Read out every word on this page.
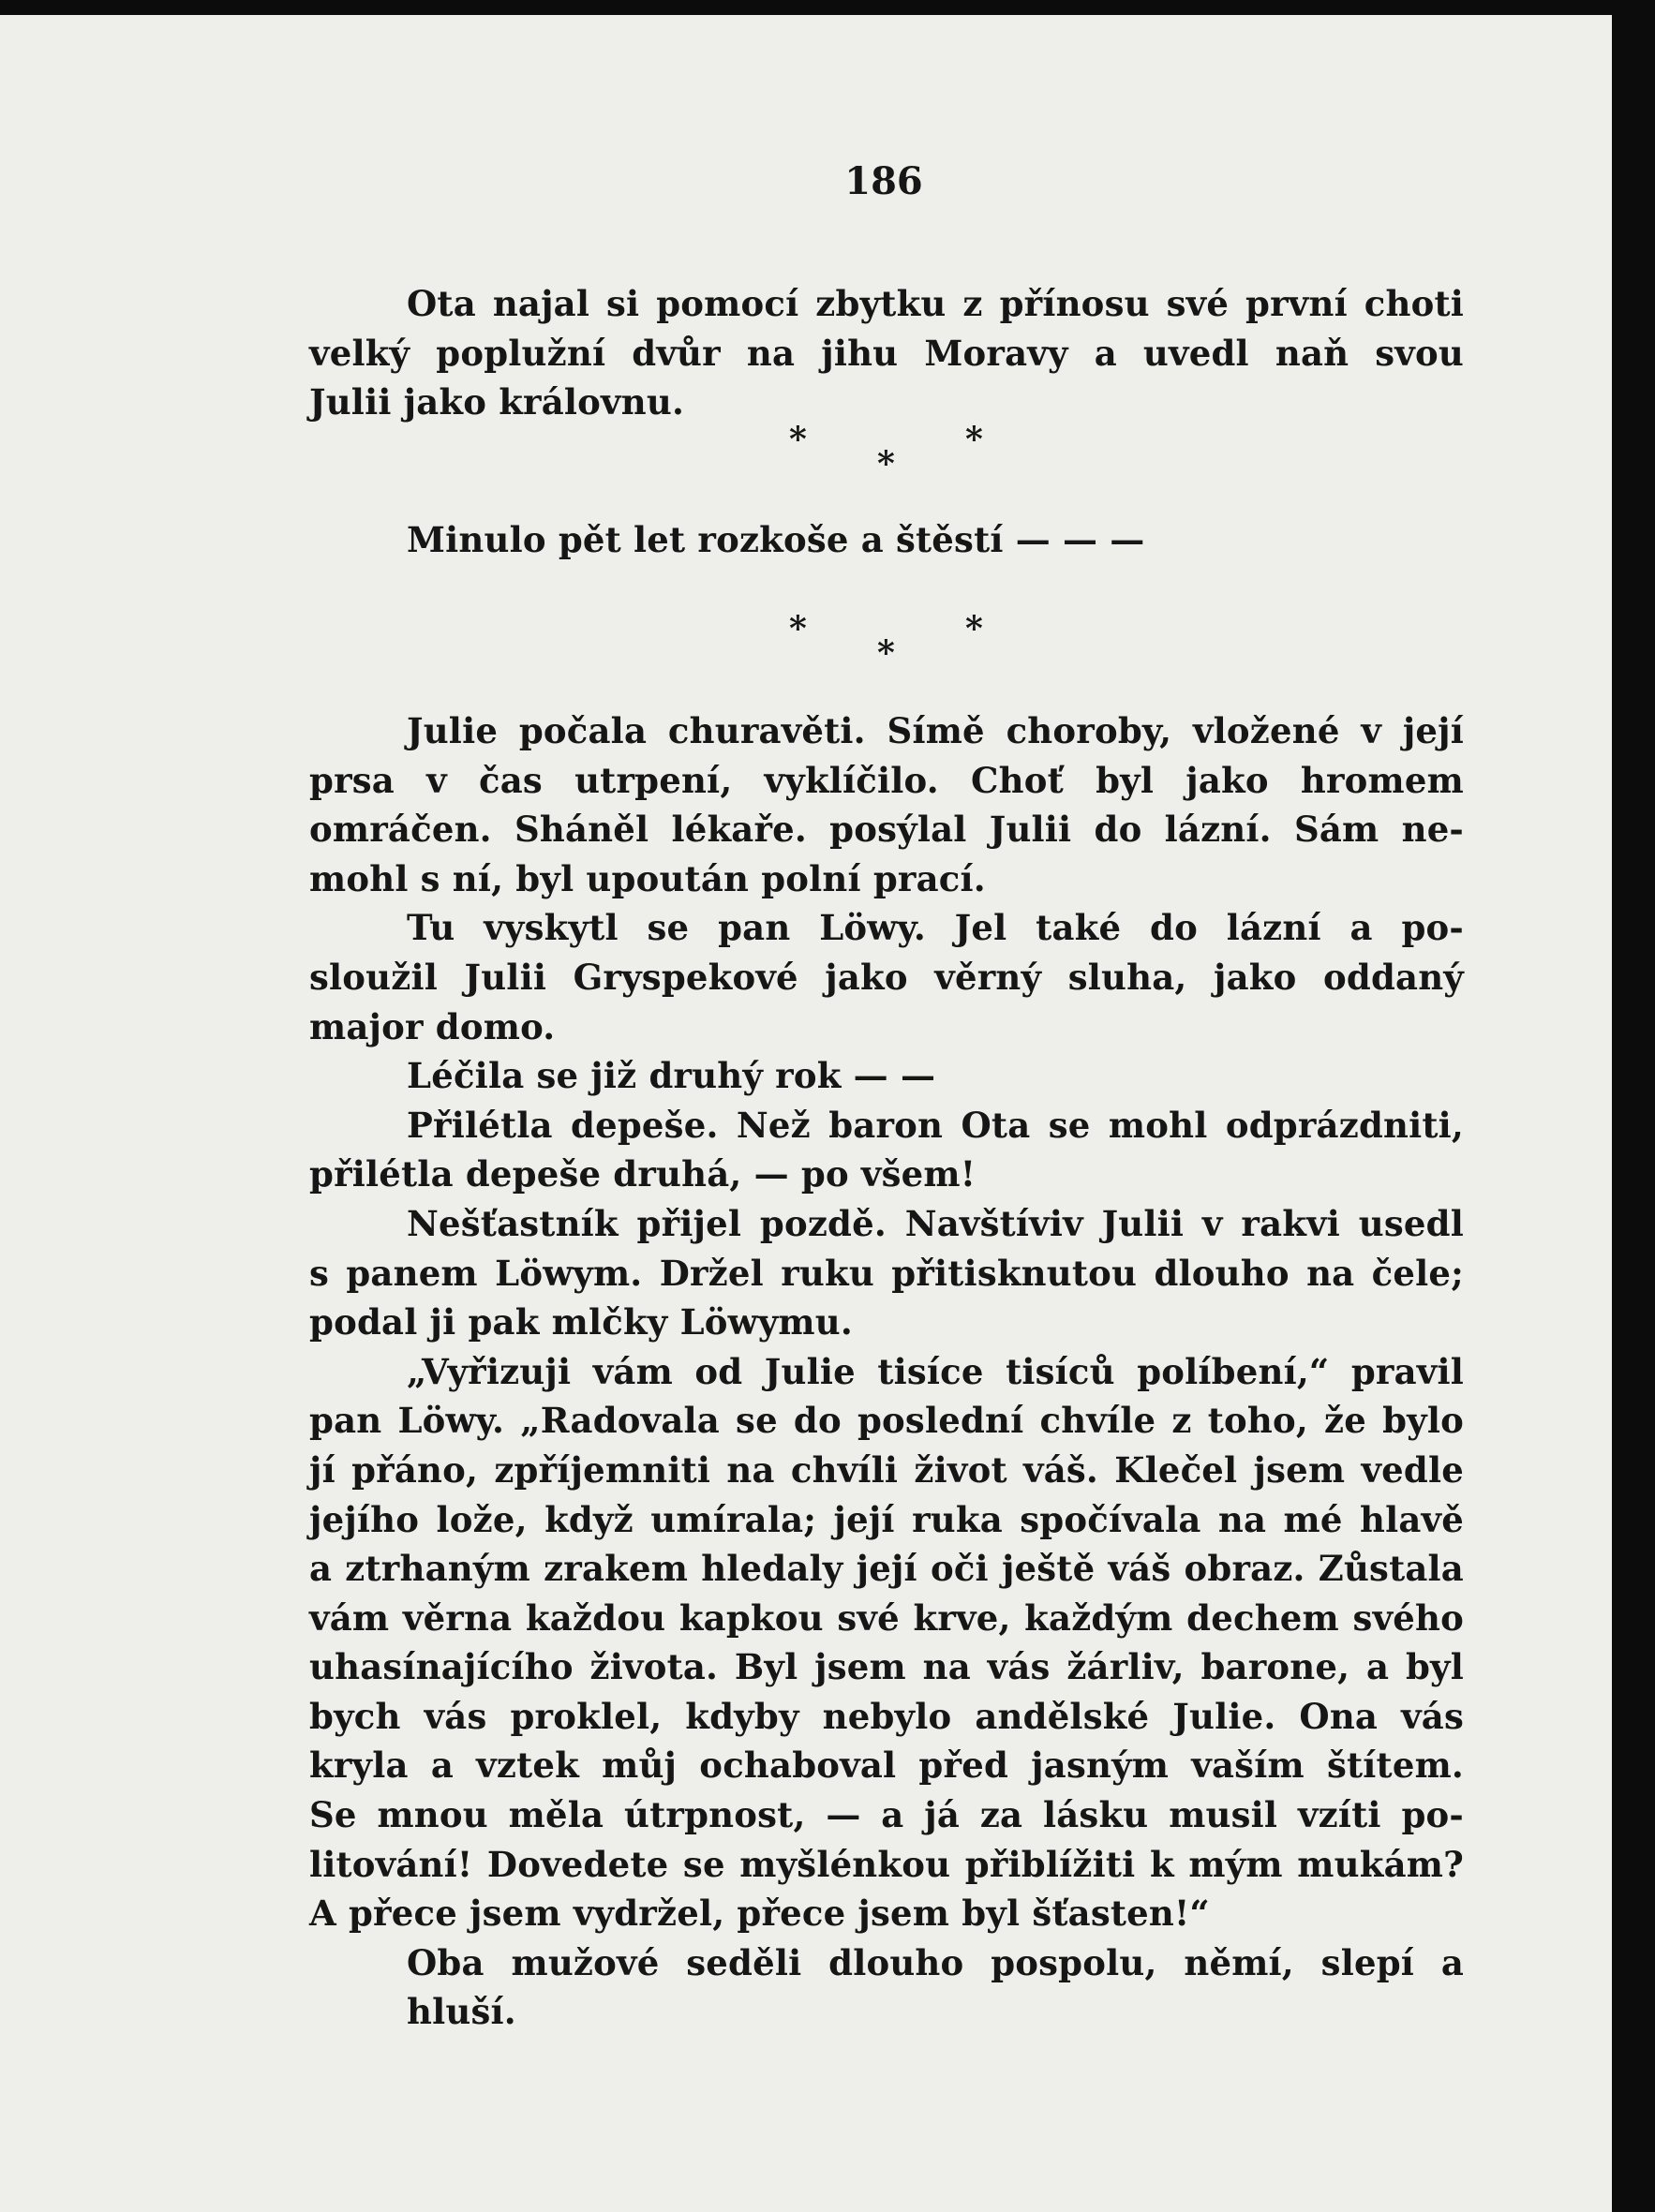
186

Ota najal si pomocí zbytku z přínosu své první choti
velký poplužní dvůr na jihu Moravy a uvedl naň svou
Julii jako královnu.

*
*
*

Minulo pět let rozkoše a štěstí — — —

*
*
*
Julie počala churavěti. Símě choroby, vložené v její
prsa v čas utrpení, vyklíčilo. Choť byl jako hromem
omráčen. Sháněl lékaře. posýlal Julii do lázní. Sám ne-
mohl s ní, byl upoután polní prací.
Tu vyskytl se pan Löwy. Jel také do lázní a po-
sloužil Julii Gryspekové jako věrný sluha, jako oddaný
major domo.
Léčila se již druhý rok — —
Přilétla depeše. Než baron Ota se mohl odprázdniti,
přilétla depeše druhá, — po všem!
Nešťastník přijel pozdě. Navštíviv Julii v rakvi usedl
s panem Löwym. Držel ruku přitisknutou dlouho na čele;
podal ji pak mlčky Löwymu.
„Vyřizuji vám od Julie tisíce tisíců políbení,“ pravil
pan Löwy. „Radovala se do poslední chvíle z toho, že bylo
jí přáno, zpříjemniti na chvíli život váš. Klečel jsem vedle
jejího lože, když umírala; její ruka spočívala na mé hlavě
a ztrhaným zrakem hledaly její oči ještě váš obraz. Zůstala
vám věrna každou kapkou své krve, každým dechem svého
uhasínajícího života. Byl jsem na vás žárliv, barone, a byl
bych vás proklel, kdyby nebylo andělské Julie. Ona vás
kryla a vztek můj ochaboval před jasným vaším štítem.
Se mnou měla útrpnost, — a já za lásku musil vzíti po-
litování! Dovedete se myšlénkou přiblížiti k mým mukám?
A přece jsem vydržel, přece jsem byl šťasten!“
Oba mužové seděli dlouho pospolu, němí, slepí a hluší.
